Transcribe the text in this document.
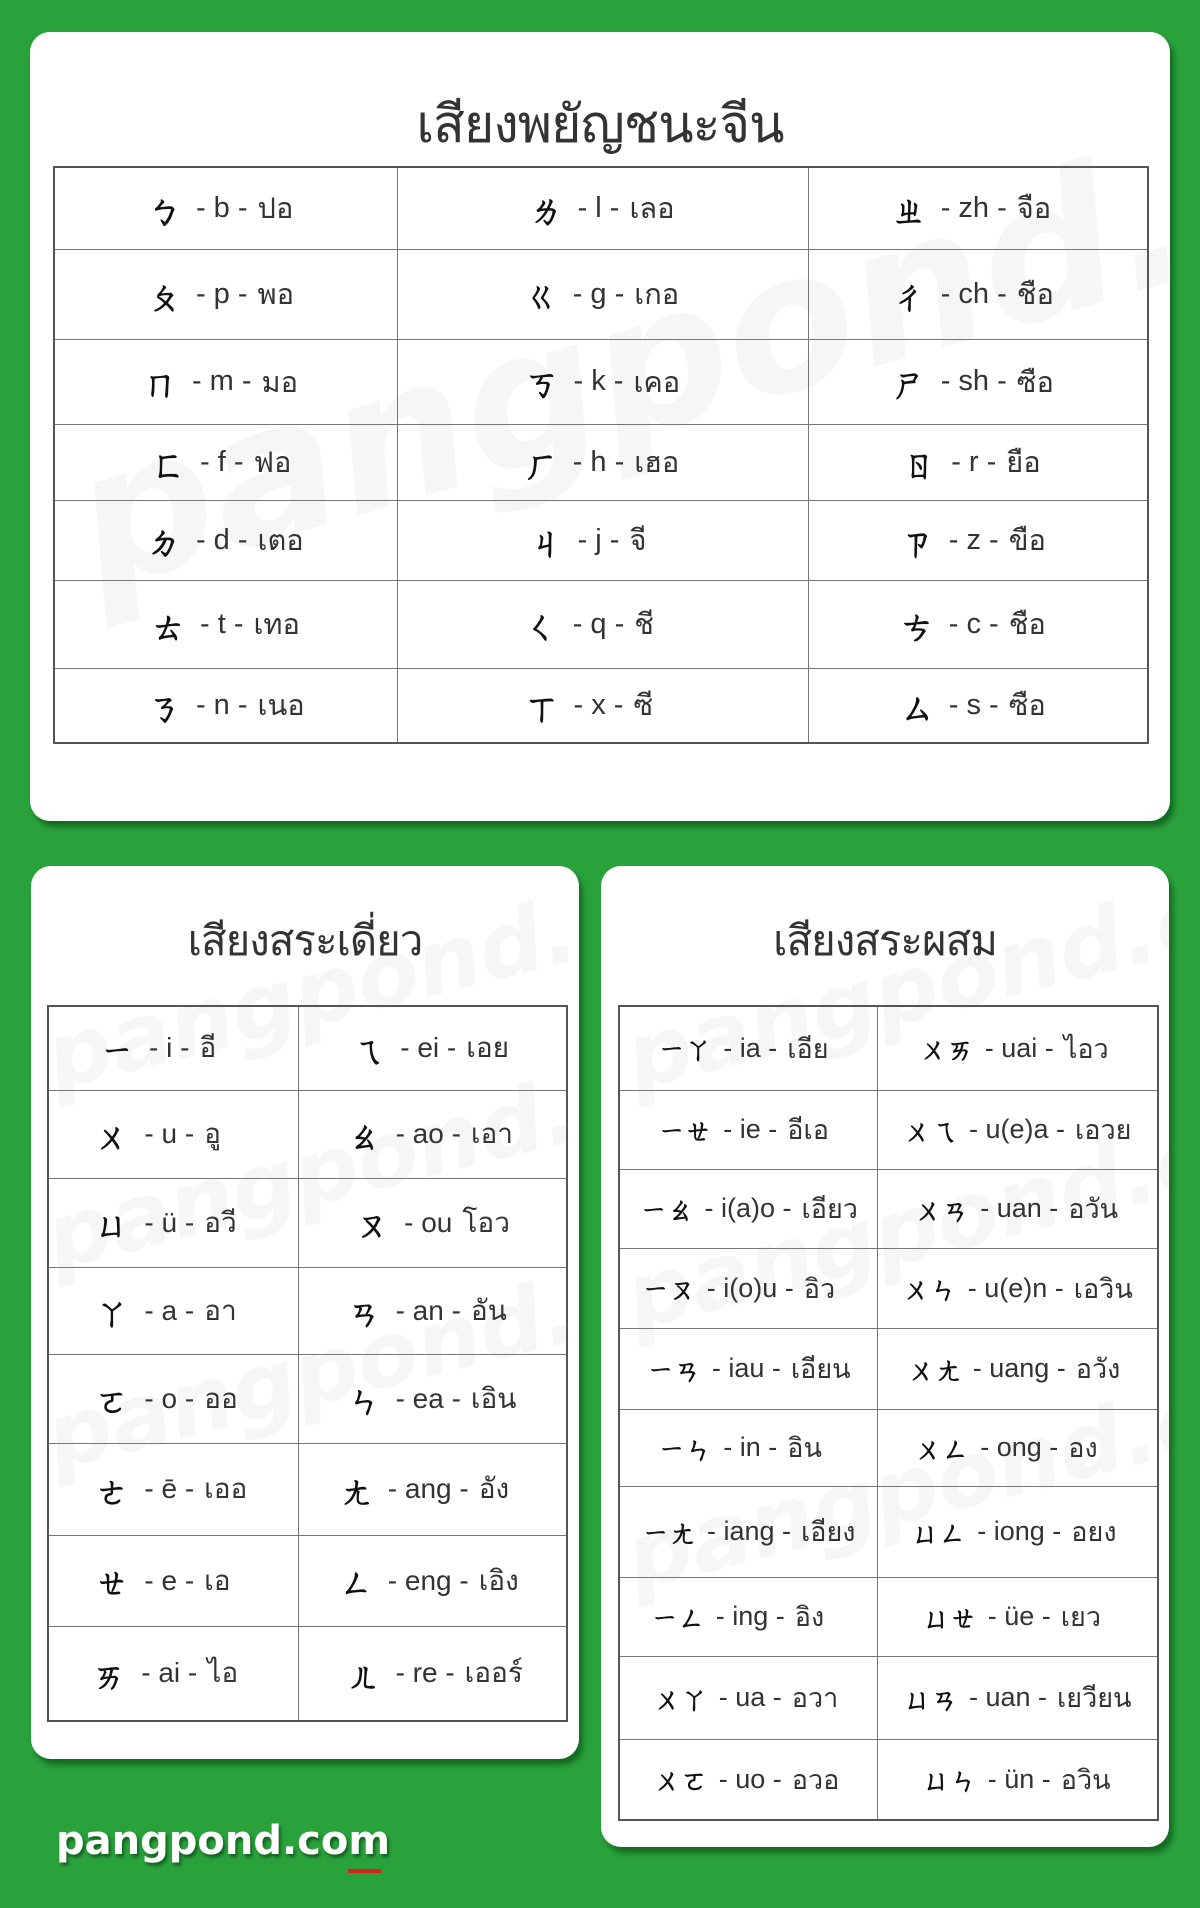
เสียงพยัญชนะจีน
ㄅ - b - ปอ	ㄌ - l - เลอ	ㄓ - zh - จือ

ㄆ - p - พอ	ㄍ - g - เกอ	ㄔ - ch - ชือ

ㄇ - m - มอ	ㄎ - k - เคอ	ㄕ - sh - ซือ

ㄈ - f - ฟอ	ㄏ - h - เฮอ	ㄖ - r - ยือ

ㄉ - d - เตอ	ㄐ - j - จี	ㄗ - z - ขือ

ㄊ - t - เทอ	ㄑ - q - ชี	ㄘ - c - ชือ

ㄋ - n - เนอ	ㄒ - x - ซี	ㄙ - s - ซือ
เสียงสระเดี่ยว
ㄧ - i - อี	ㄟ - ei - เอย

ㄨ - u - อู	ㄠ - ao - เอา

ㄩ - ü - อวี	ㄡ - ou โอว

ㄚ - a - อา	ㄢ - an - อัน

ㄛ - o - ออ	ㄣ - ea - เอิน

ㄜ - ē - เออ	ㄤ - ang - อัง

ㄝ - e - เอ	ㄥ - eng - เอิง

ㄞ - ai - ไอ	ㄦ - re - เออร์
เสียงสระผสม
ㄧㄚ - ia - เอีย	ㄨㄞ - uai - ไอว

ㄧㄝ - ie - อีเอ	ㄨㄟ - u(e)a - เอวย

ㄧㄠ - i(a)o - เอียว	ㄨㄢ - uan - อวัน

ㄧㄡ - i(o)u - อิว	ㄨㄣ - u(e)n - เอวิน

ㄧㄢ - iau - เอียน	ㄨㄤ - uang - อวัง

ㄧㄣ - in - อิน	ㄨㄥ - ong - อง

ㄧㄤ - iang - เอียง	ㄩㄥ - iong - อยง

ㄧㄥ - ing - อิง	ㄩㄝ - üe - เยว

ㄨㄚ - ua - อวา	ㄩㄢ - uan - เยวียน

ㄨㄛ - uo - อวอ	ㄩㄣ - ün - อวิน
pangpond.com
